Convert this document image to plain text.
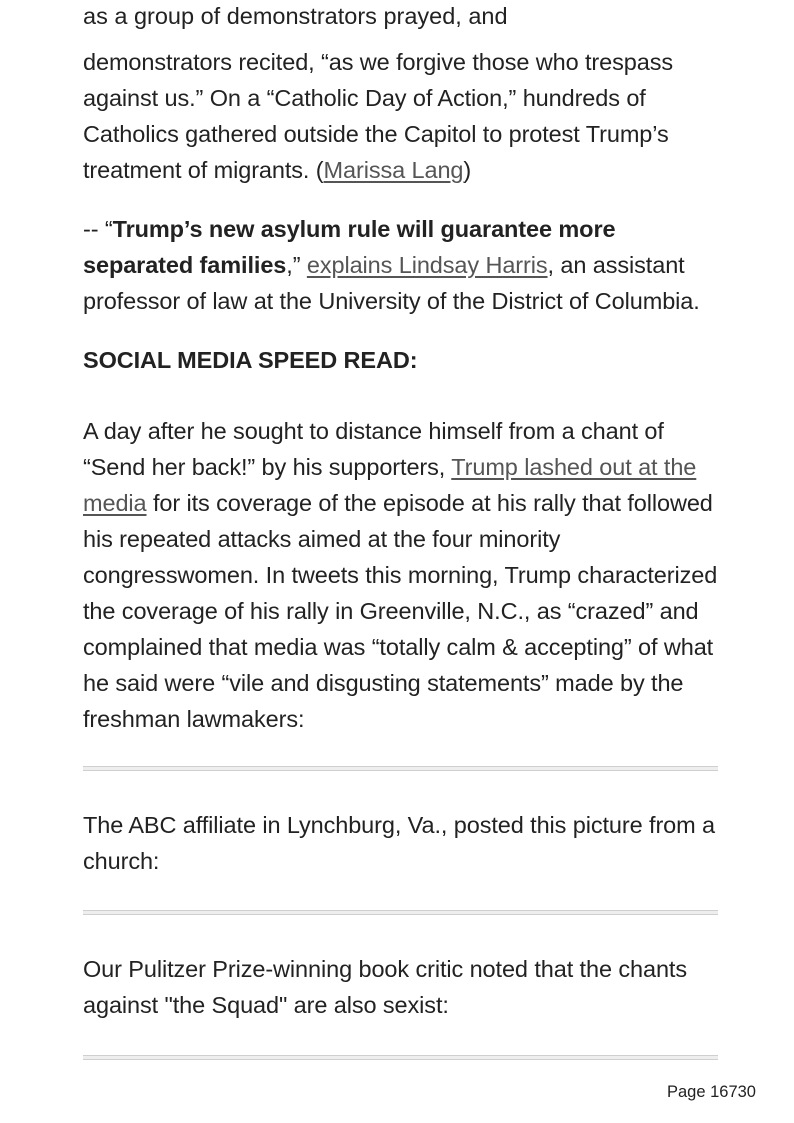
as a group of demonstrators prayed, and

demonstrators recited, “as we forgive those who trespass against us.” On a “Catholic Day of Action,” hundreds of Catholics gathered outside the Capitol to protest Trump’s treatment of migrants. (Marissa Lang)

-- “Trump’s new asylum rule will guarantee more separated families,” explains Lindsay Harris, an assistant professor of law at the University of the District of Columbia.

SOCIAL MEDIA SPEED READ:

A day after he sought to distance himself from a chant of “Send her back!” by his supporters, Trump lashed out at the media for its coverage of the episode at his rally that followed his repeated attacks aimed at the four minority congresswomen. In tweets this morning, Trump characterized the coverage of his rally in Greenville, N.C., as “crazed” and complained that media was “totally calm & accepting” of what he said were “vile and disgusting statements” made by the freshman lawmakers:

The ABC affiliate in Lynchburg, Va., posted this picture from a church:

Our Pulitzer Prize-winning book critic noted that the chants against "the Squad" are also sexist:

Page 16730
